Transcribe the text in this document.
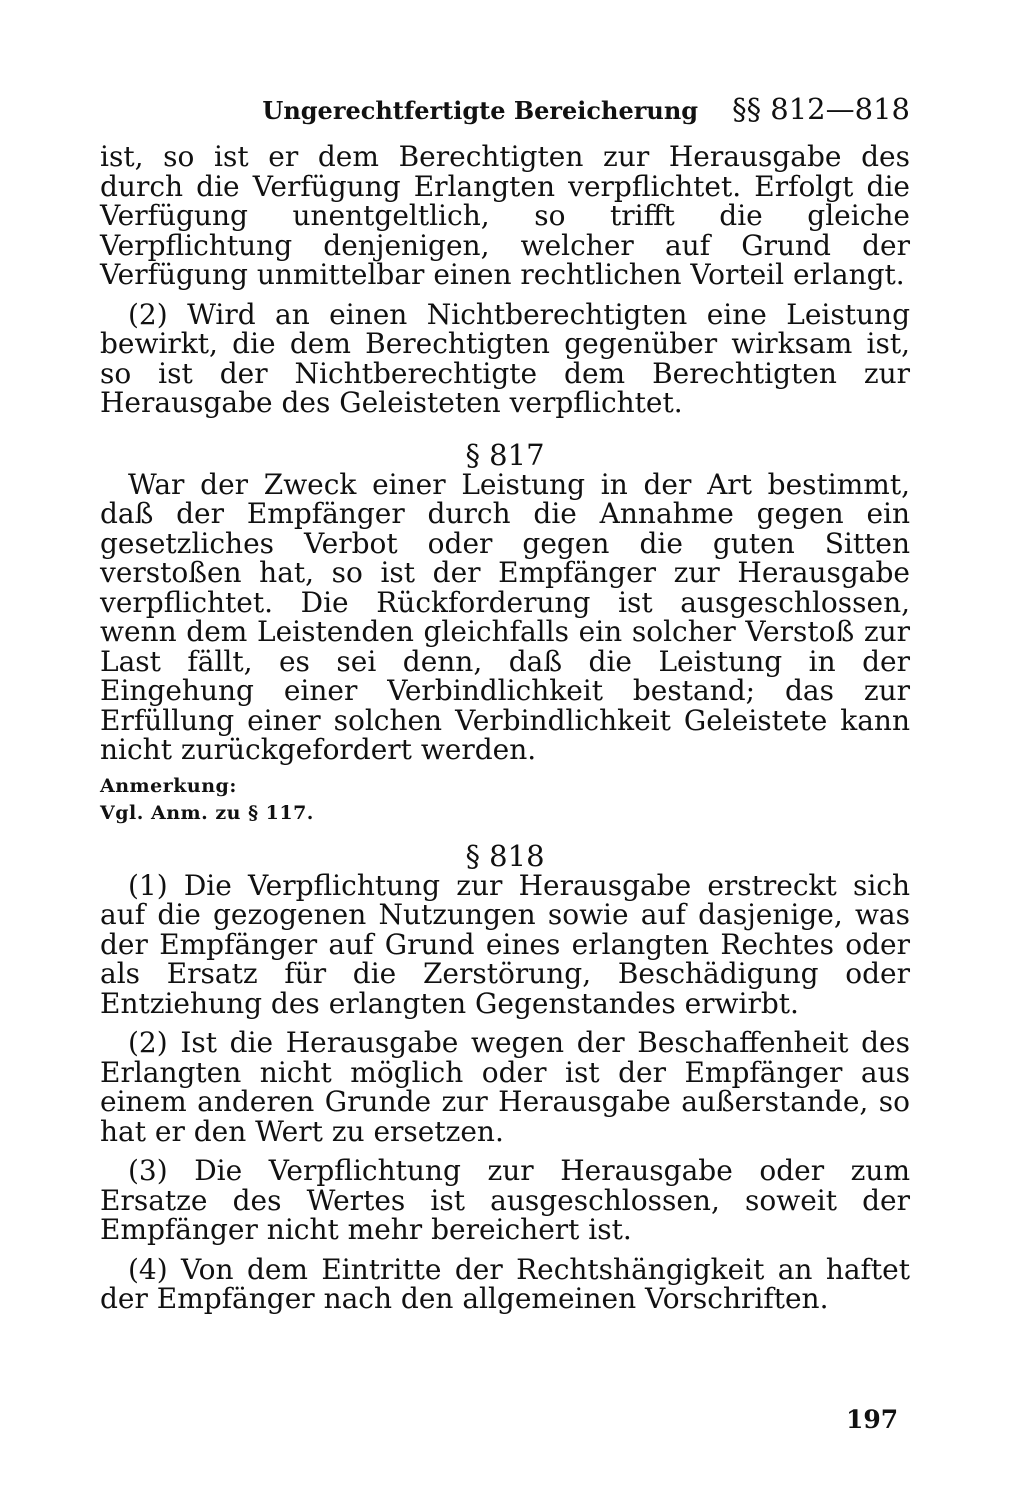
Ungerechtfertigte Bereicherung §§ 812—818

ist, so ist er dem Berechtigten zur Herausgabe des durch die Verfügung Erlangten verpflichtet. Erfolgt die Verfügung unentgeltlich, so trifft die gleiche Verpflichtung denjenigen, welcher auf Grund der Verfügung unmittelbar einen rechtlichen Vorteil erlangt.

(2) Wird an einen Nichtberechtigten eine Leistung bewirkt, die dem Berechtigten gegenüber wirksam ist, so ist der Nichtberechtigte dem Berechtigten zur Herausgabe des Geleisteten verpflichtet.

§ 817

War der Zweck einer Leistung in der Art bestimmt, daß der Empfänger durch die Annahme gegen ein gesetzliches Verbot oder gegen die guten Sitten verstoßen hat, so ist der Empfänger zur Herausgabe verpflichtet. Die Rückforderung ist ausgeschlossen, wenn dem Leistenden gleichfalls ein solcher Verstoß zur Last fällt, es sei denn, daß die Leistung in der Eingehung einer Verbindlichkeit bestand; das zur Erfüllung einer solchen Verbindlichkeit Geleistete kann nicht zurückgefordert werden.

Anmerkung:

Vgl. Anm. zu § 117.

§ 818

(1) Die Verpflichtung zur Herausgabe erstreckt sich auf die gezogenen Nutzungen sowie auf dasjenige, was der Empfänger auf Grund eines erlangten Rechtes oder als Ersatz für die Zerstörung, Beschädigung oder Entziehung des erlangten Gegenstandes erwirbt.

(2) Ist die Herausgabe wegen der Beschaffenheit des Erlangten nicht möglich oder ist der Empfänger aus einem anderen Grunde zur Herausgabe außerstande, so hat er den Wert zu ersetzen.

(3) Die Verpflichtung zur Herausgabe oder zum Ersatze des Wertes ist ausgeschlossen, soweit der Empfänger nicht mehr bereichert ist.

(4) Von dem Eintritte der Rechtshängigkeit an haftet der Empfänger nach den allgemeinen Vorschriften.

197
